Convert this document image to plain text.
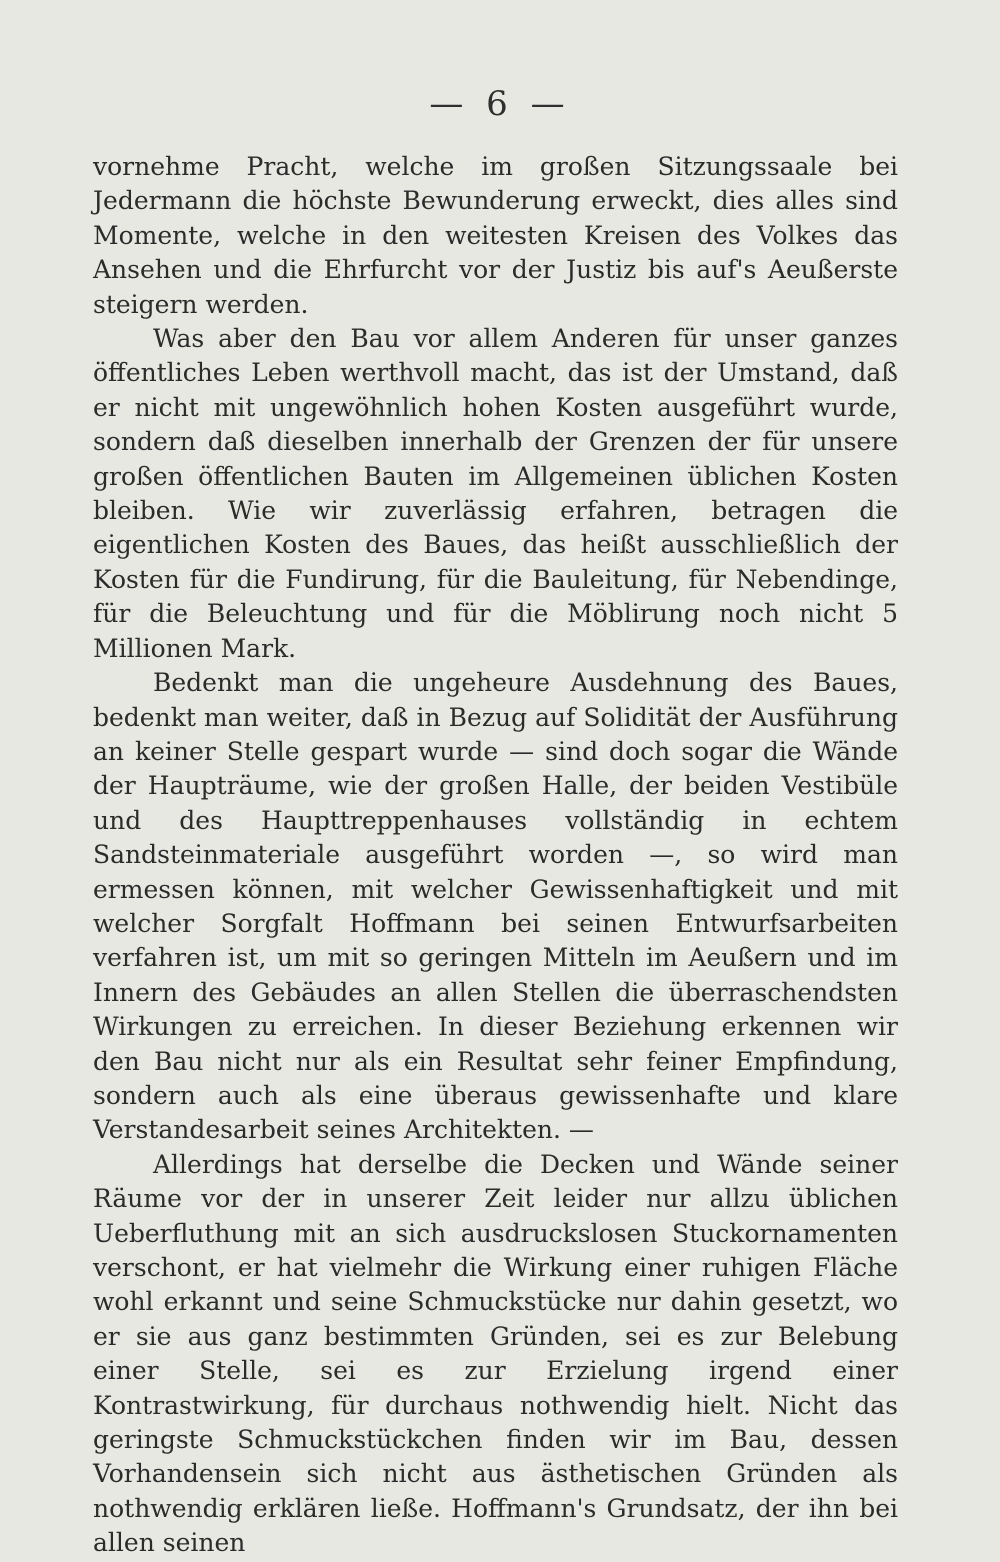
— 6 —

vornehme Pracht, welche im großen Sitzungssaale bei Jedermann die höchste Bewunderung erweckt, dies alles sind Momente, welche in den weitesten Kreisen des Volkes das Ansehen und die Ehrfurcht vor der Justiz bis auf's Aeußerste steigern werden.

Was aber den Bau vor allem Anderen für unser ganzes öffentliches Leben werthvoll macht, das ist der Umstand, daß er nicht mit ungewöhnlich hohen Kosten ausgeführt wurde, sondern daß dieselben innerhalb der Grenzen der für unsere großen öffentlichen Bauten im Allgemeinen üblichen Kosten bleiben. Wie wir zuverlässig erfahren, betragen die eigentlichen Kosten des Baues, das heißt ausschließlich der Kosten für die Fundirung, für die Bauleitung, für Nebendinge, für die Beleuchtung und für die Möblirung noch nicht 5 Millionen Mark.

Bedenkt man die ungeheure Ausdehnung des Baues, bedenkt man weiter, daß in Bezug auf Solidität der Ausführung an keiner Stelle gespart wurde — sind doch sogar die Wände der Haupträume, wie der großen Halle, der beiden Vestibüle und des Haupttreppenhauses vollständig in echtem Sandsteinmateriale ausgeführt worden —, so wird man ermessen können, mit welcher Gewissenhaftigkeit und mit welcher Sorgfalt Hoffmann bei seinen Entwurfsarbeiten verfahren ist, um mit so geringen Mitteln im Aeußern und im Innern des Gebäudes an allen Stellen die überraschendsten Wirkungen zu erreichen. In dieser Beziehung erkennen wir den Bau nicht nur als ein Resultat sehr feiner Empfindung, sondern auch als eine überaus gewissenhafte und klare Verstandesarbeit seines Architekten. —

Allerdings hat derselbe die Decken und Wände seiner Räume vor der in unserer Zeit leider nur allzu üblichen Ueberfluthung mit an sich ausdruckslosen Stuckornamenten verschont, er hat vielmehr die Wirkung einer ruhigen Fläche wohl erkannt und seine Schmuckstücke nur dahin gesetzt, wo er sie aus ganz bestimmten Gründen, sei es zur Belebung einer Stelle, sei es zur Erzielung irgend einer Kontrastwirkung, für durchaus nothwendig hielt. Nicht das geringste Schmuckstückchen finden wir im Bau, dessen Vorhandensein sich nicht aus ästhetischen Gründen als nothwendig erklären ließe. Hoffmann's Grundsatz, der ihn bei allen seinen
